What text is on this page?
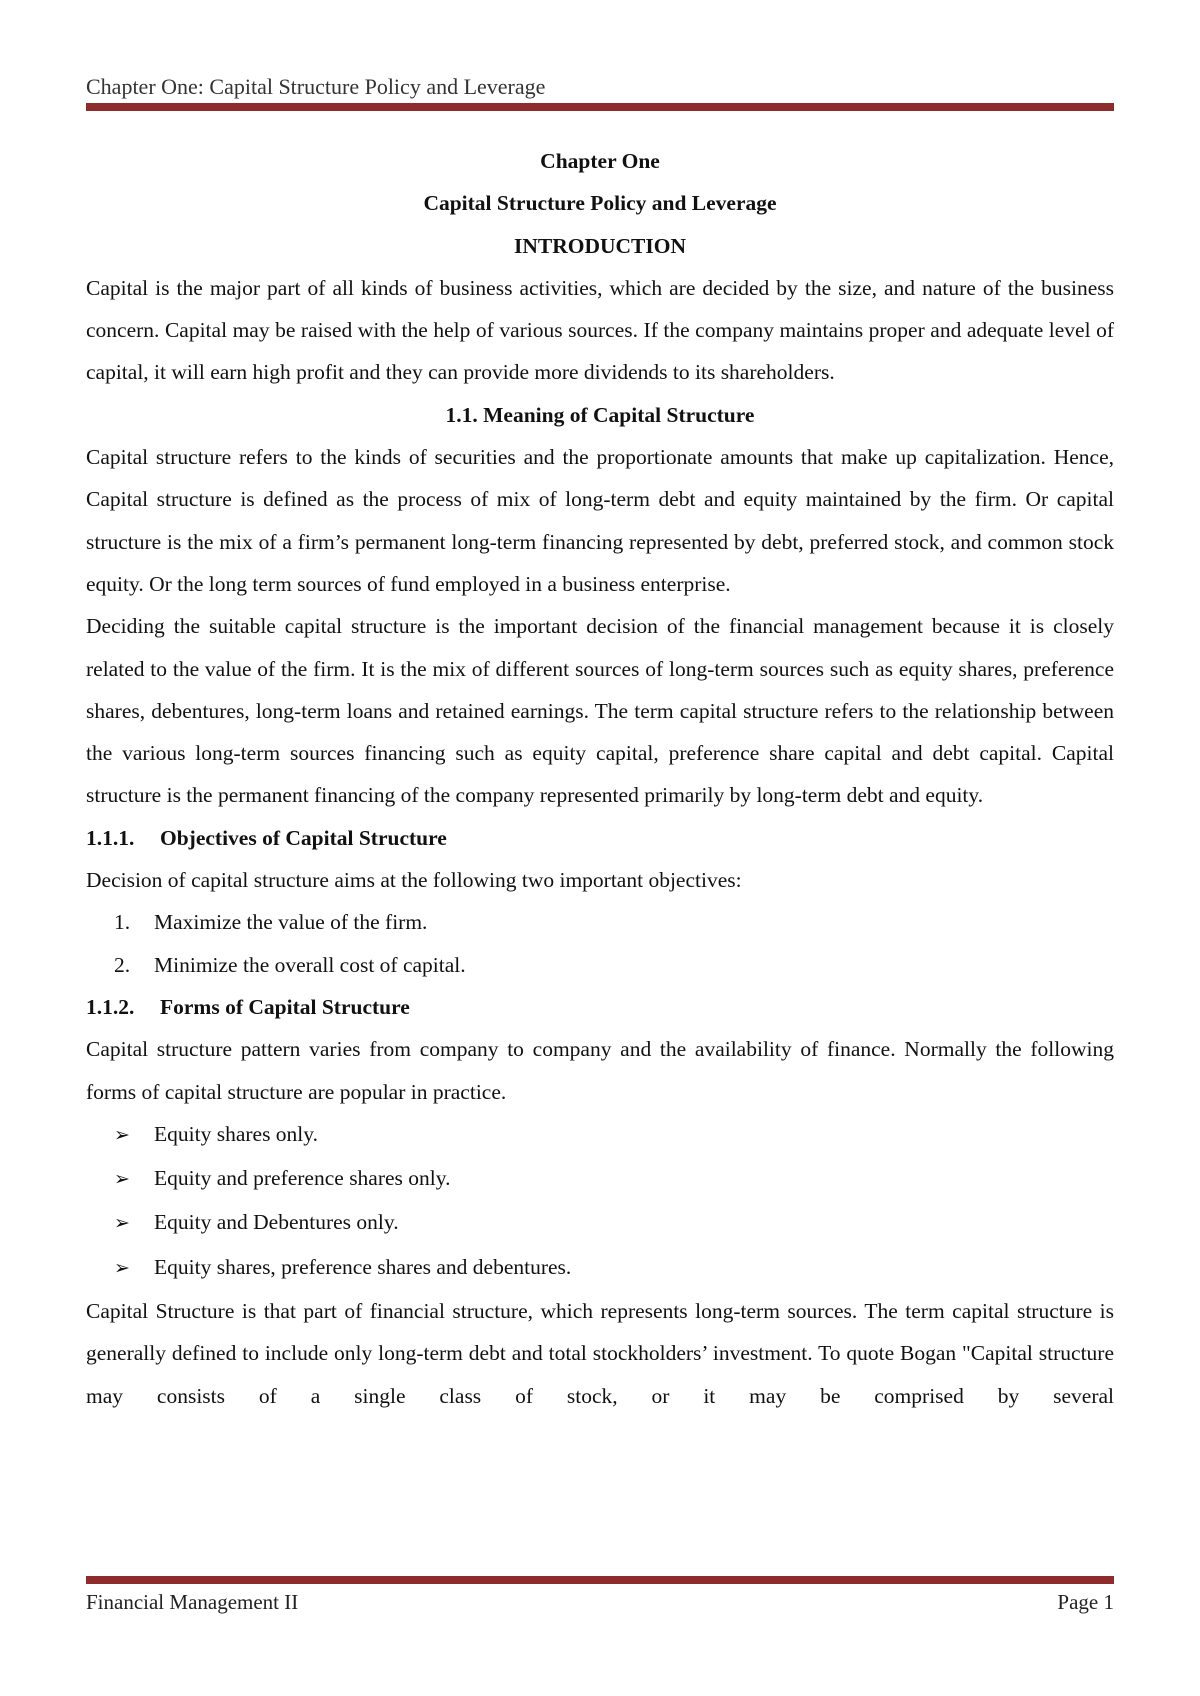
Chapter One: Capital Structure Policy and Leverage

Chapter One

Capital Structure Policy and Leverage

INTRODUCTION

Capital is the major part of all kinds of business activities, which are decided by the size, and nature of the business concern. Capital may be raised with the help of various sources. If the company maintains proper and adequate level of capital, it will earn high profit and they can provide more dividends to its shareholders.

1.1. Meaning of Capital Structure

Capital structure refers to the kinds of securities and the proportionate amounts that make up capitalization. Hence, Capital structure is defined as the process of mix of long-term debt and equity maintained by the firm. Or capital structure is the mix of a firm’s permanent long-term financing represented by debt, preferred stock, and common stock equity. Or the long term sources of fund employed in a business enterprise.

Deciding the suitable capital structure is the important decision of the financial management because it is closely related to the value of the firm. It is the mix of different sources of long-term sources such as equity shares, preference shares, debentures, long-term loans and retained earnings. The term capital structure refers to the relationship between the various long-term sources financing such as equity capital, preference share capital and debt capital. Capital structure is the permanent financing of the company represented primarily by long-term debt and equity.

1.1.1. Objectives of Capital Structure

Decision of capital structure aims at the following two important objectives:

1. Maximize the value of the firm.

2. Minimize the overall cost of capital.

1.1.2. Forms of Capital Structure

Capital structure pattern varies from company to company and the availability of finance. Normally the following forms of capital structure are popular in practice.

➢ Equity shares only.

➢ Equity and preference shares only.

➢ Equity and Debentures only.

➢ Equity shares, preference shares and debentures.

Capital Structure is that part of financial structure, which represents long-term sources. The term capital structure is generally defined to include only long-term debt and total stockholders’ investment. To quote Bogan "Capital structure may consists of a single class of stock, or it may be comprised by several

Financial Management II	Page 1
